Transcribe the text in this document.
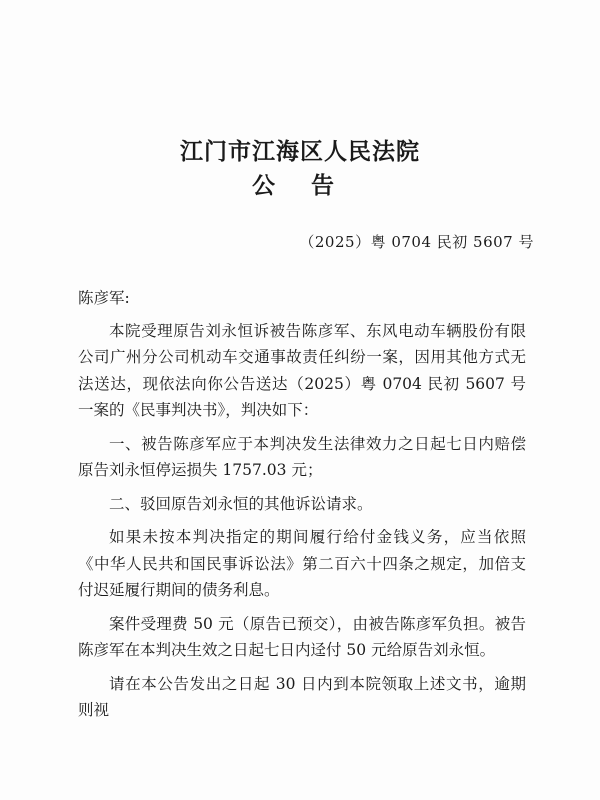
江门市江海区人民法院
公 告
（2025）粤 0704 民初 5607 号

陈彦军:

本院受理原告刘永恒诉被告陈彦军、东风电动车辆股份有限公司广州分公司机动车交通事故责任纠纷一案，因用其他方式无法送达，现依法向你公告送达（2025）粤 0704 民初 5607 号一案的《民事判决书》，判决如下：

一、被告陈彦军应于本判决发生法律效力之日起七日内赔偿原告刘永恒停运损失 1757.03 元；

二、驳回原告刘永恒的其他诉讼请求。

如果未按本判决指定的期间履行给付金钱义务，应当依照《中华人民共和国民事诉讼法》第二百六十四条之规定，加倍支付迟延履行期间的债务利息。

案件受理费 50 元（原告已预交），由被告陈彦军负担。被告陈彦军在本判决生效之日起七日内迳付 50 元给原告刘永恒。

请在本公告发出之日起 30 日内到本院领取上述文书，逾期则视
